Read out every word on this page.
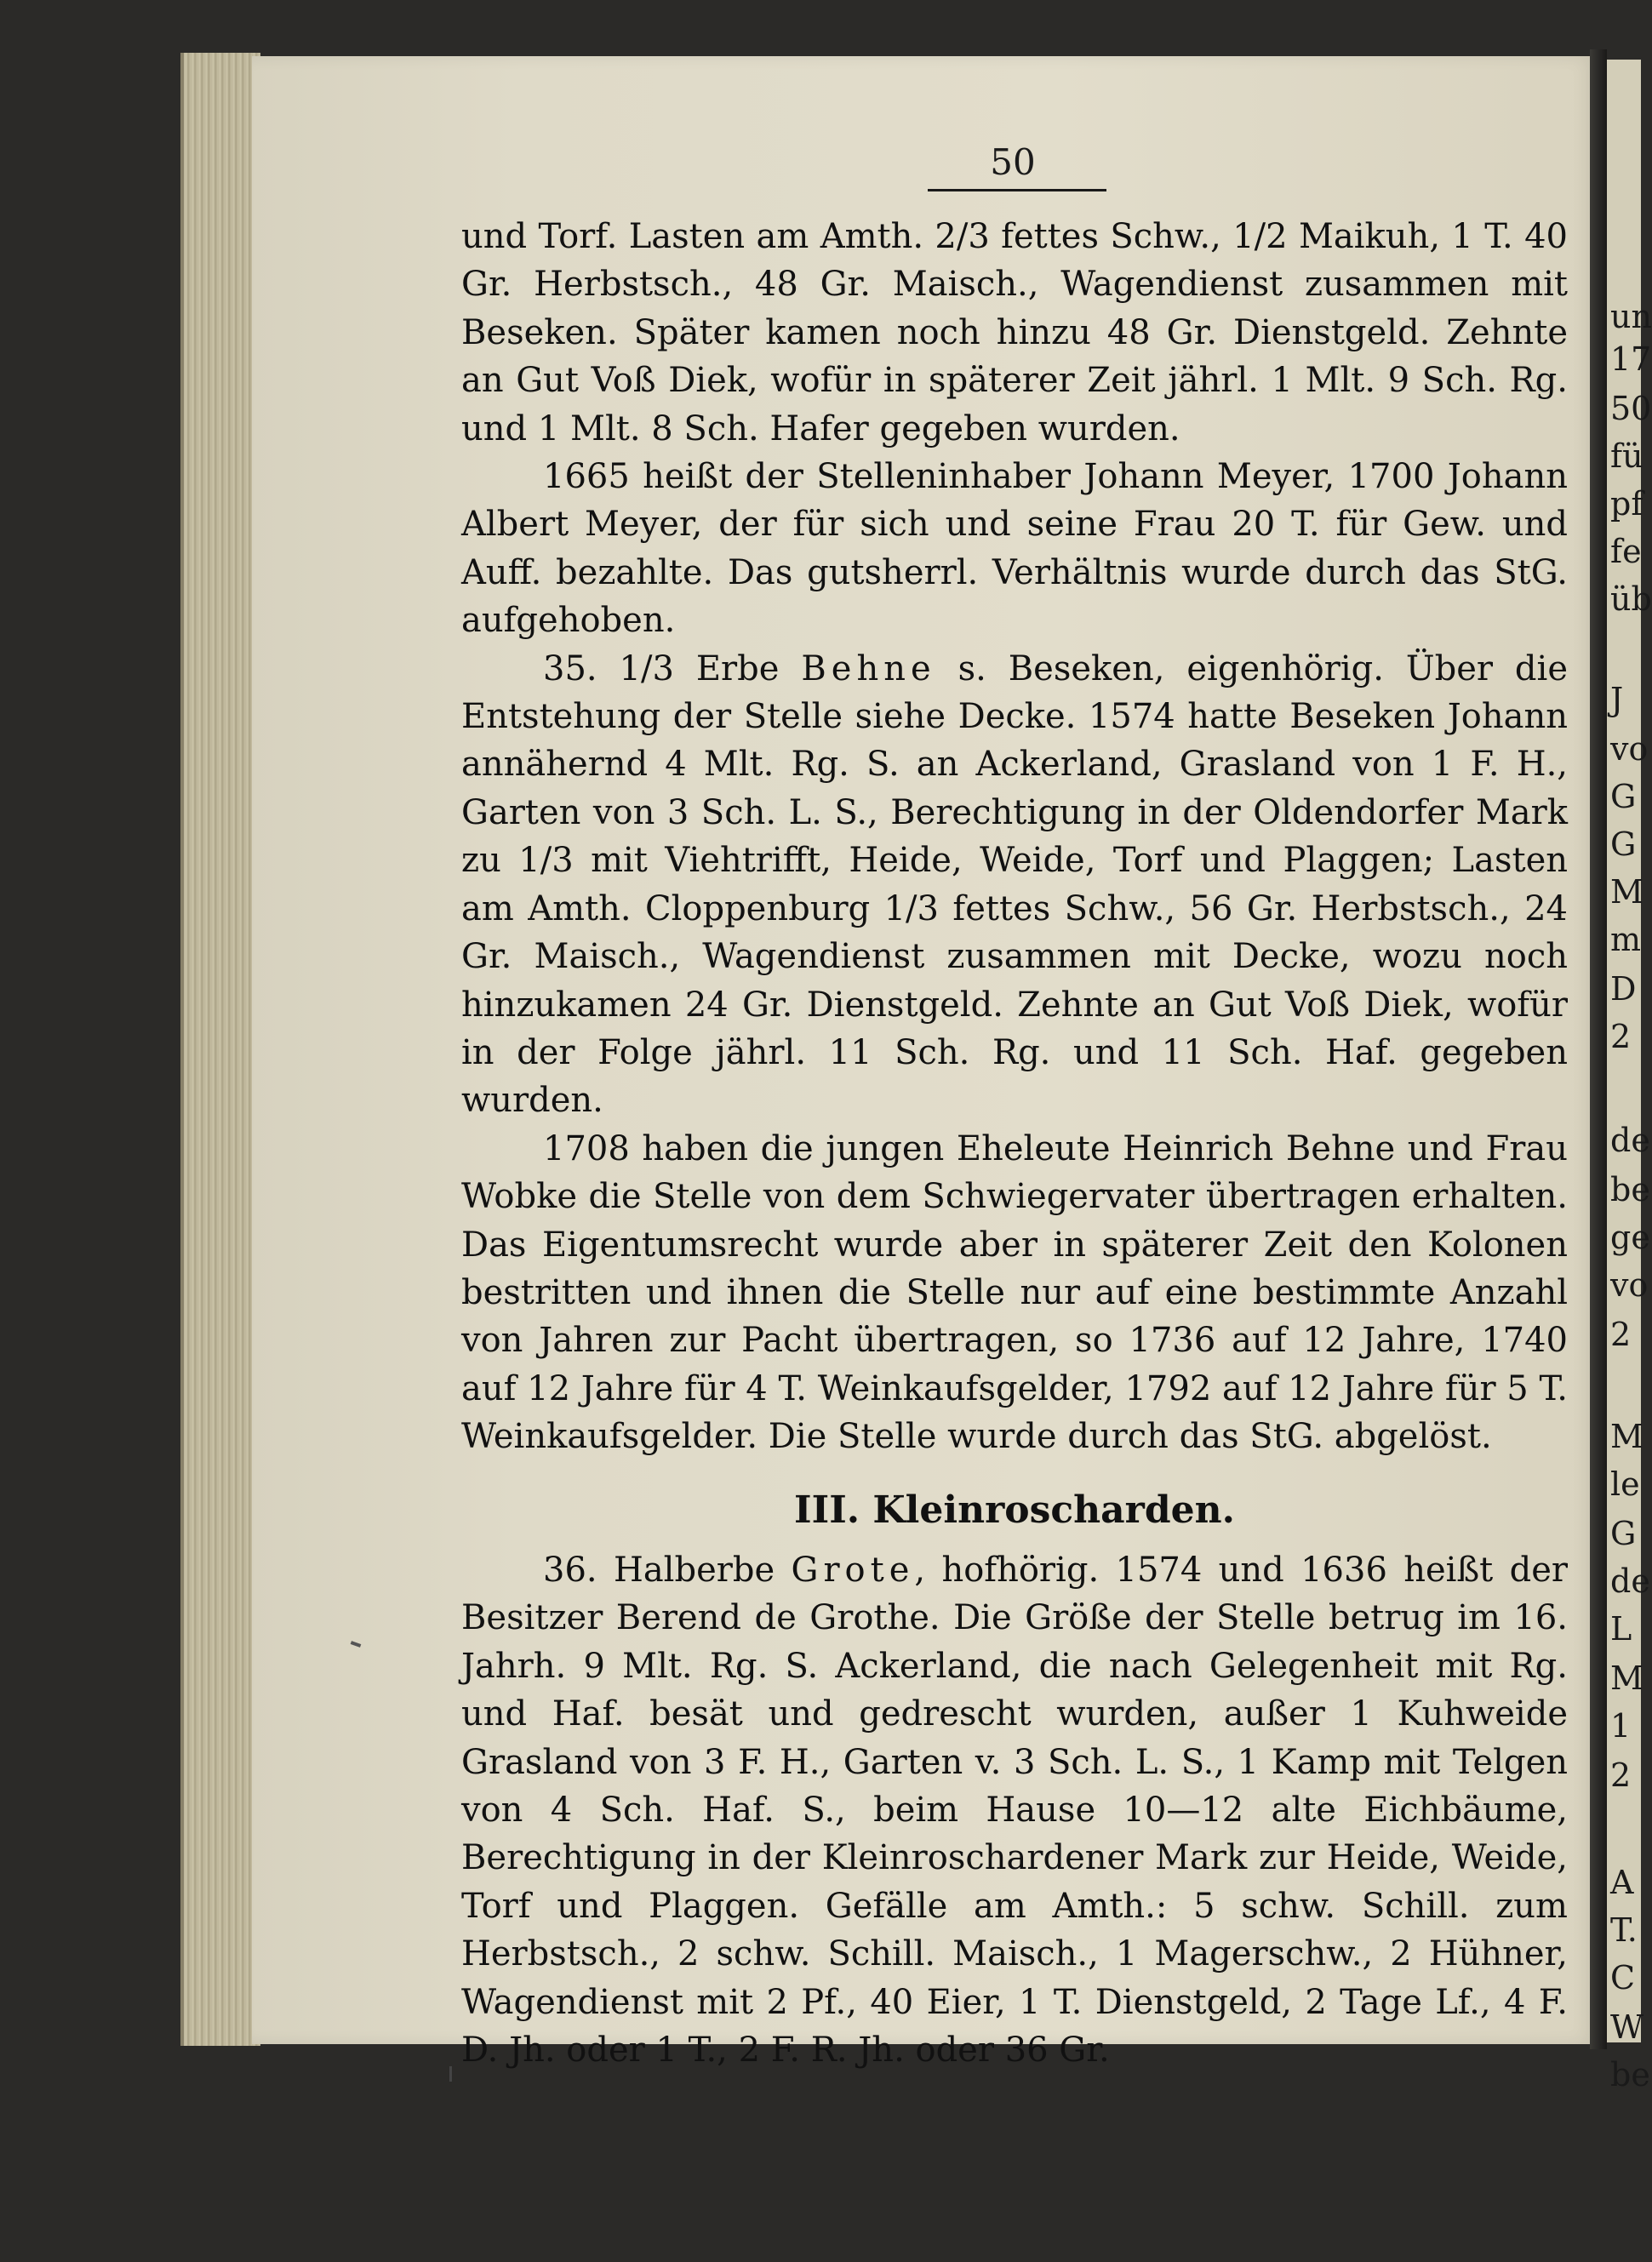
un
17
50
fü
pf
fe
üb
J
vo
G
G
M
m
D
2
de
be
ge
vo
2
M
le
G
de
L
M
1
2
A
T.
C
W
be
50

und Torf. Lasten am Amth. 2/3 fettes Schw., 1/2 Maikuh, 1 T. 40 Gr. Herbstsch., 48 Gr. Maisch., Wagendienst zusammen mit Beseken. Später kamen noch hinzu 48 Gr. Dienstgeld. Zehnte an Gut Voß Diek, wofür in späterer Zeit jährl. 1 Mlt. 9 Sch. Rg. und 1 Mlt. 8 Sch. Hafer gegeben wurden.

1665 heißt der Stelleninhaber Johann Meyer, 1700 Johann Albert Meyer, der für sich und seine Frau 20 T. für Gew. und Auff. bezahlte. Das gutsherrl. Verhältnis wurde durch das StG. aufgehoben.

35. 1/3 Erbe Behne s. Beseken, eigenhörig. Über die Entstehung der Stelle siehe Decke. 1574 hatte Beseken Johann annähernd 4 Mlt. Rg. S. an Ackerland, Grasland von 1 F. H., Garten von 3 Sch. L. S., Berechtigung in der Oldendorfer Mark zu 1/3 mit Viehtrifft, Heide, Weide, Torf und Plaggen; Lasten am Amth. Cloppenburg 1/3 fettes Schw., 56 Gr. Herbstsch., 24 Gr. Maisch., Wagendienst zusammen mit Decke, wozu noch hinzukamen 24 Gr. Dienstgeld. Zehnte an Gut Voß Diek, wofür in der Folge jährl. 11 Sch. Rg. und 11 Sch. Haf. gegeben wurden.

1708 haben die jungen Eheleute Heinrich Behne und Frau Wobke die Stelle von dem Schwiegervater übertragen erhalten. Das Eigentumsrecht wurde aber in späterer Zeit den Kolonen bestritten und ihnen die Stelle nur auf eine bestimmte Anzahl von Jahren zur Pacht übertragen, so 1736 auf 12 Jahre, 1740 auf 12 Jahre für 4 T. Weinkaufsgelder, 1792 auf 12 Jahre für 5 T. Weinkaufsgelder. Die Stelle wurde durch das StG. abgelöst.

III. Kleinroscharden.

36. Halberbe Grote, hofhörig. 1574 und 1636 heißt der Besitzer Berend de Grothe. Die Größe der Stelle betrug im 16. Jahrh. 9 Mlt. Rg. S. Ackerland, die nach Gelegenheit mit Rg. und Haf. besät und gedrescht wurden, außer 1 Kuhweide Grasland von 3 F. H., Garten v. 3 Sch. L. S., 1 Kamp mit Telgen von 4 Sch. Haf. S., beim Hause 10—12 alte Eichbäume, Berechtigung in der Kleinroschardener Mark zur Heide, Weide, Torf und Plaggen. Gefälle am Amth.: 5 schw. Schill. zum Herbstsch., 2 schw. Schill. Maisch., 1 Magerschw., 2 Hühner, Wagendienst mit 2 Pf., 40 Eier, 1 T. Dienstgeld, 2 Tage Lf., 4 F. D. Jh. oder 1 T., 2 F. R. Jh. oder 36 Gr.
